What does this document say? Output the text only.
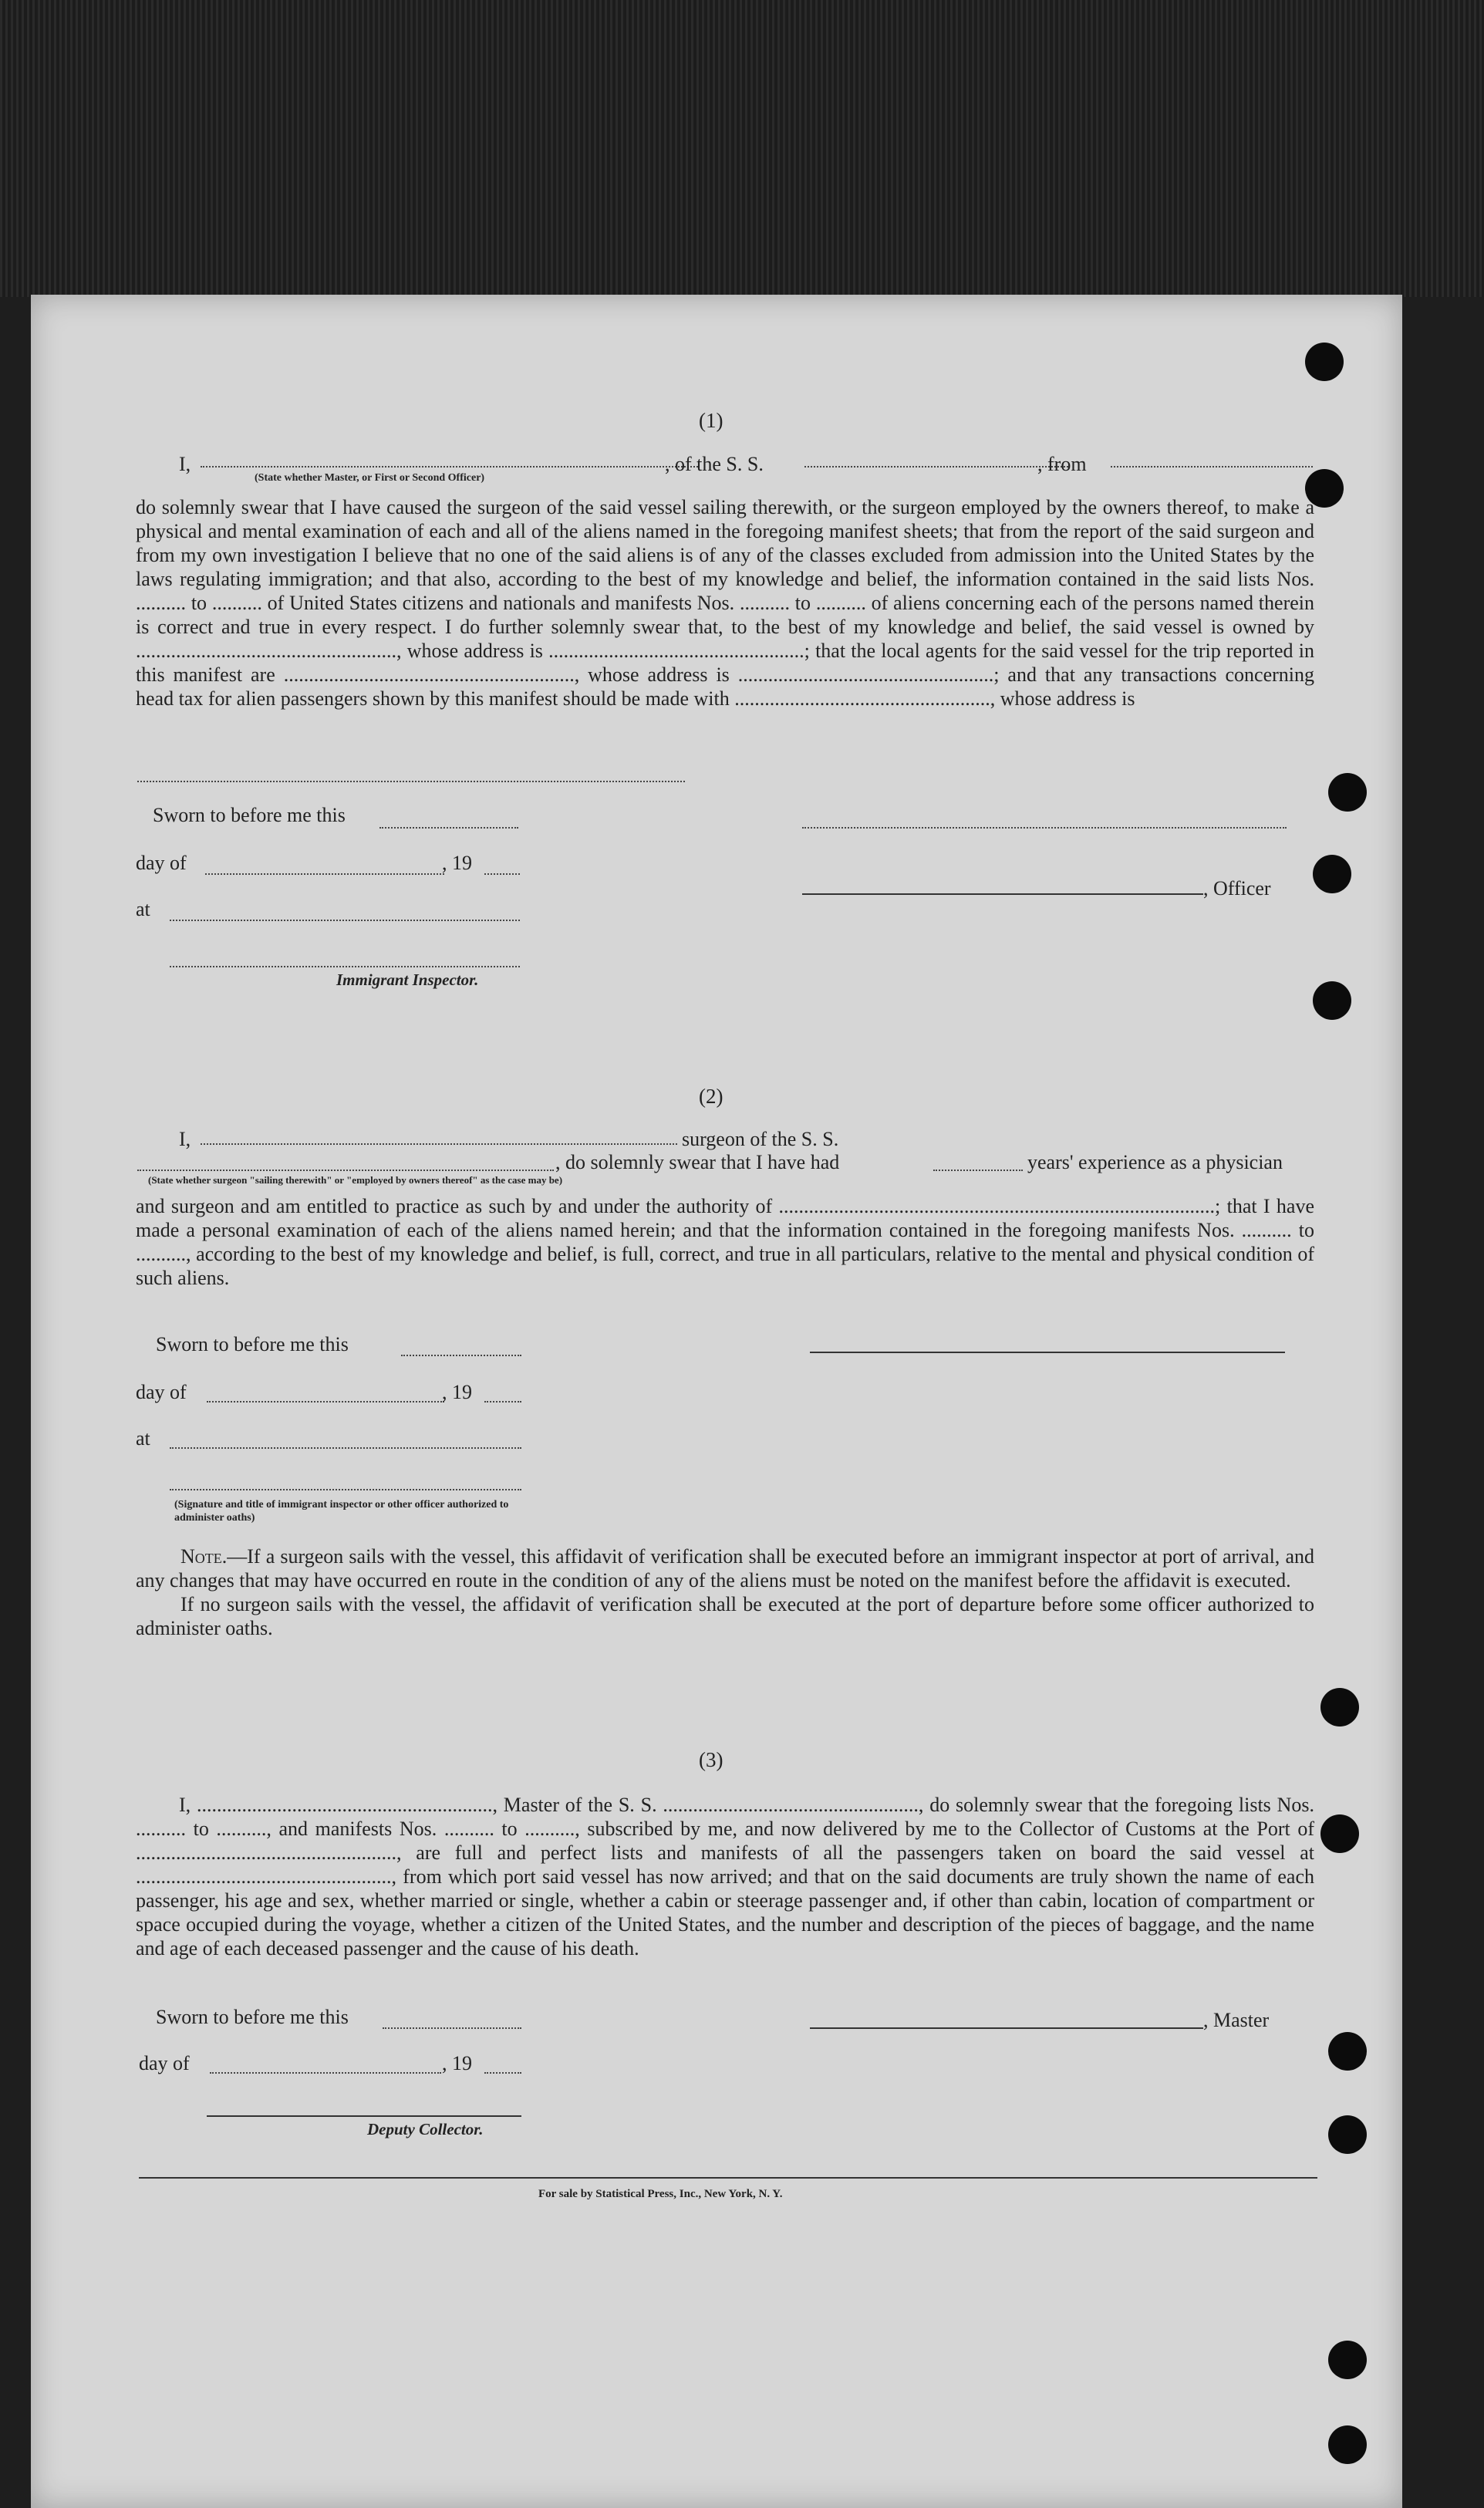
(1)
I,	, of the S. S.	, from
(State whether Master, or First or Second Officer)

do solemnly swear that I have caused the surgeon of the said vessel sailing therewith, or the surgeon employed by the owners thereof, to make a physical and mental examination of each and all of the aliens named in the foregoing manifest sheets; that from the report of the said surgeon and from my own investigation I believe that no one of the said aliens is of any of the classes excluded from admission into the United States by the laws regulating immigration; and that also, according to the best of my knowledge and belief, the information contained in the said lists Nos. .......... to .......... of United States citizens and nationals and manifests Nos. .......... to .......... of aliens concerning each of the persons named therein is correct and true in every respect. I do further solemnly swear that, to the best of my knowledge and belief, the said vessel is owned by ...................................................., whose address is ...................................................; that the local agents for the said vessel for the trip reported in this manifest are .........................................................., whose address is ...................................................; and that any transactions concerning head tax for alien passengers shown by this manifest should be made with ..................................................., whose address is

Sworn to before me this
day of	, 19
at
Immigrant Inspector.
, Officer
(2)
I,	surgeon of the S. S.
, do solemnly swear that I have had	years' experience as a physician
(State whether surgeon "sailing therewith" or "employed by owners thereof" as the case may be)

and surgeon and am entitled to practice as such by and under the authority of .......................................................................................; that I have made a personal examination of each of the aliens named herein; and that the information contained in the foregoing manifests Nos. .......... to .........., according to the best of my knowledge and belief, is full, correct, and true in all particulars, relative to the mental and physical condition of such aliens.

Sworn to before me this
day of	, 19
at
(Signature and title of immigrant inspector or other officer authorized to administer oaths)

Note.—If a surgeon sails with the vessel, this affidavit of verification shall be executed before an immigrant inspector at port of arrival, and any changes that may have occurred en route in the condition of any of the aliens must be noted on the manifest before the affidavit is executed.

If no surgeon sails with the vessel, the affidavit of verification shall be executed at the port of departure before some officer authorized to administer oaths.

(3)

I, ..........................................................., Master of the S. S. ..................................................., do solemnly swear that the foregoing lists Nos. .......... to .........., and manifests Nos. .......... to .........., subscribed by me, and now delivered by me to the Collector of Customs at the Port of ...................................................., are full and perfect lists and manifests of all the passengers taken on board the said vessel at ..................................................., from which port said vessel has now arrived; and that on the said documents are truly shown the name of each passenger, his age and sex, whether married or single, whether a cabin or steerage passenger and, if other than cabin, location of compartment or space occupied during the voyage, whether a citizen of the United States, and the number and description of the pieces of baggage, and the name and age of each deceased passenger and the cause of his death.

Sworn to before me this
day of	, 19
Deputy Collector.
, Master
For sale by Statistical Press, Inc., New York, N. Y.
